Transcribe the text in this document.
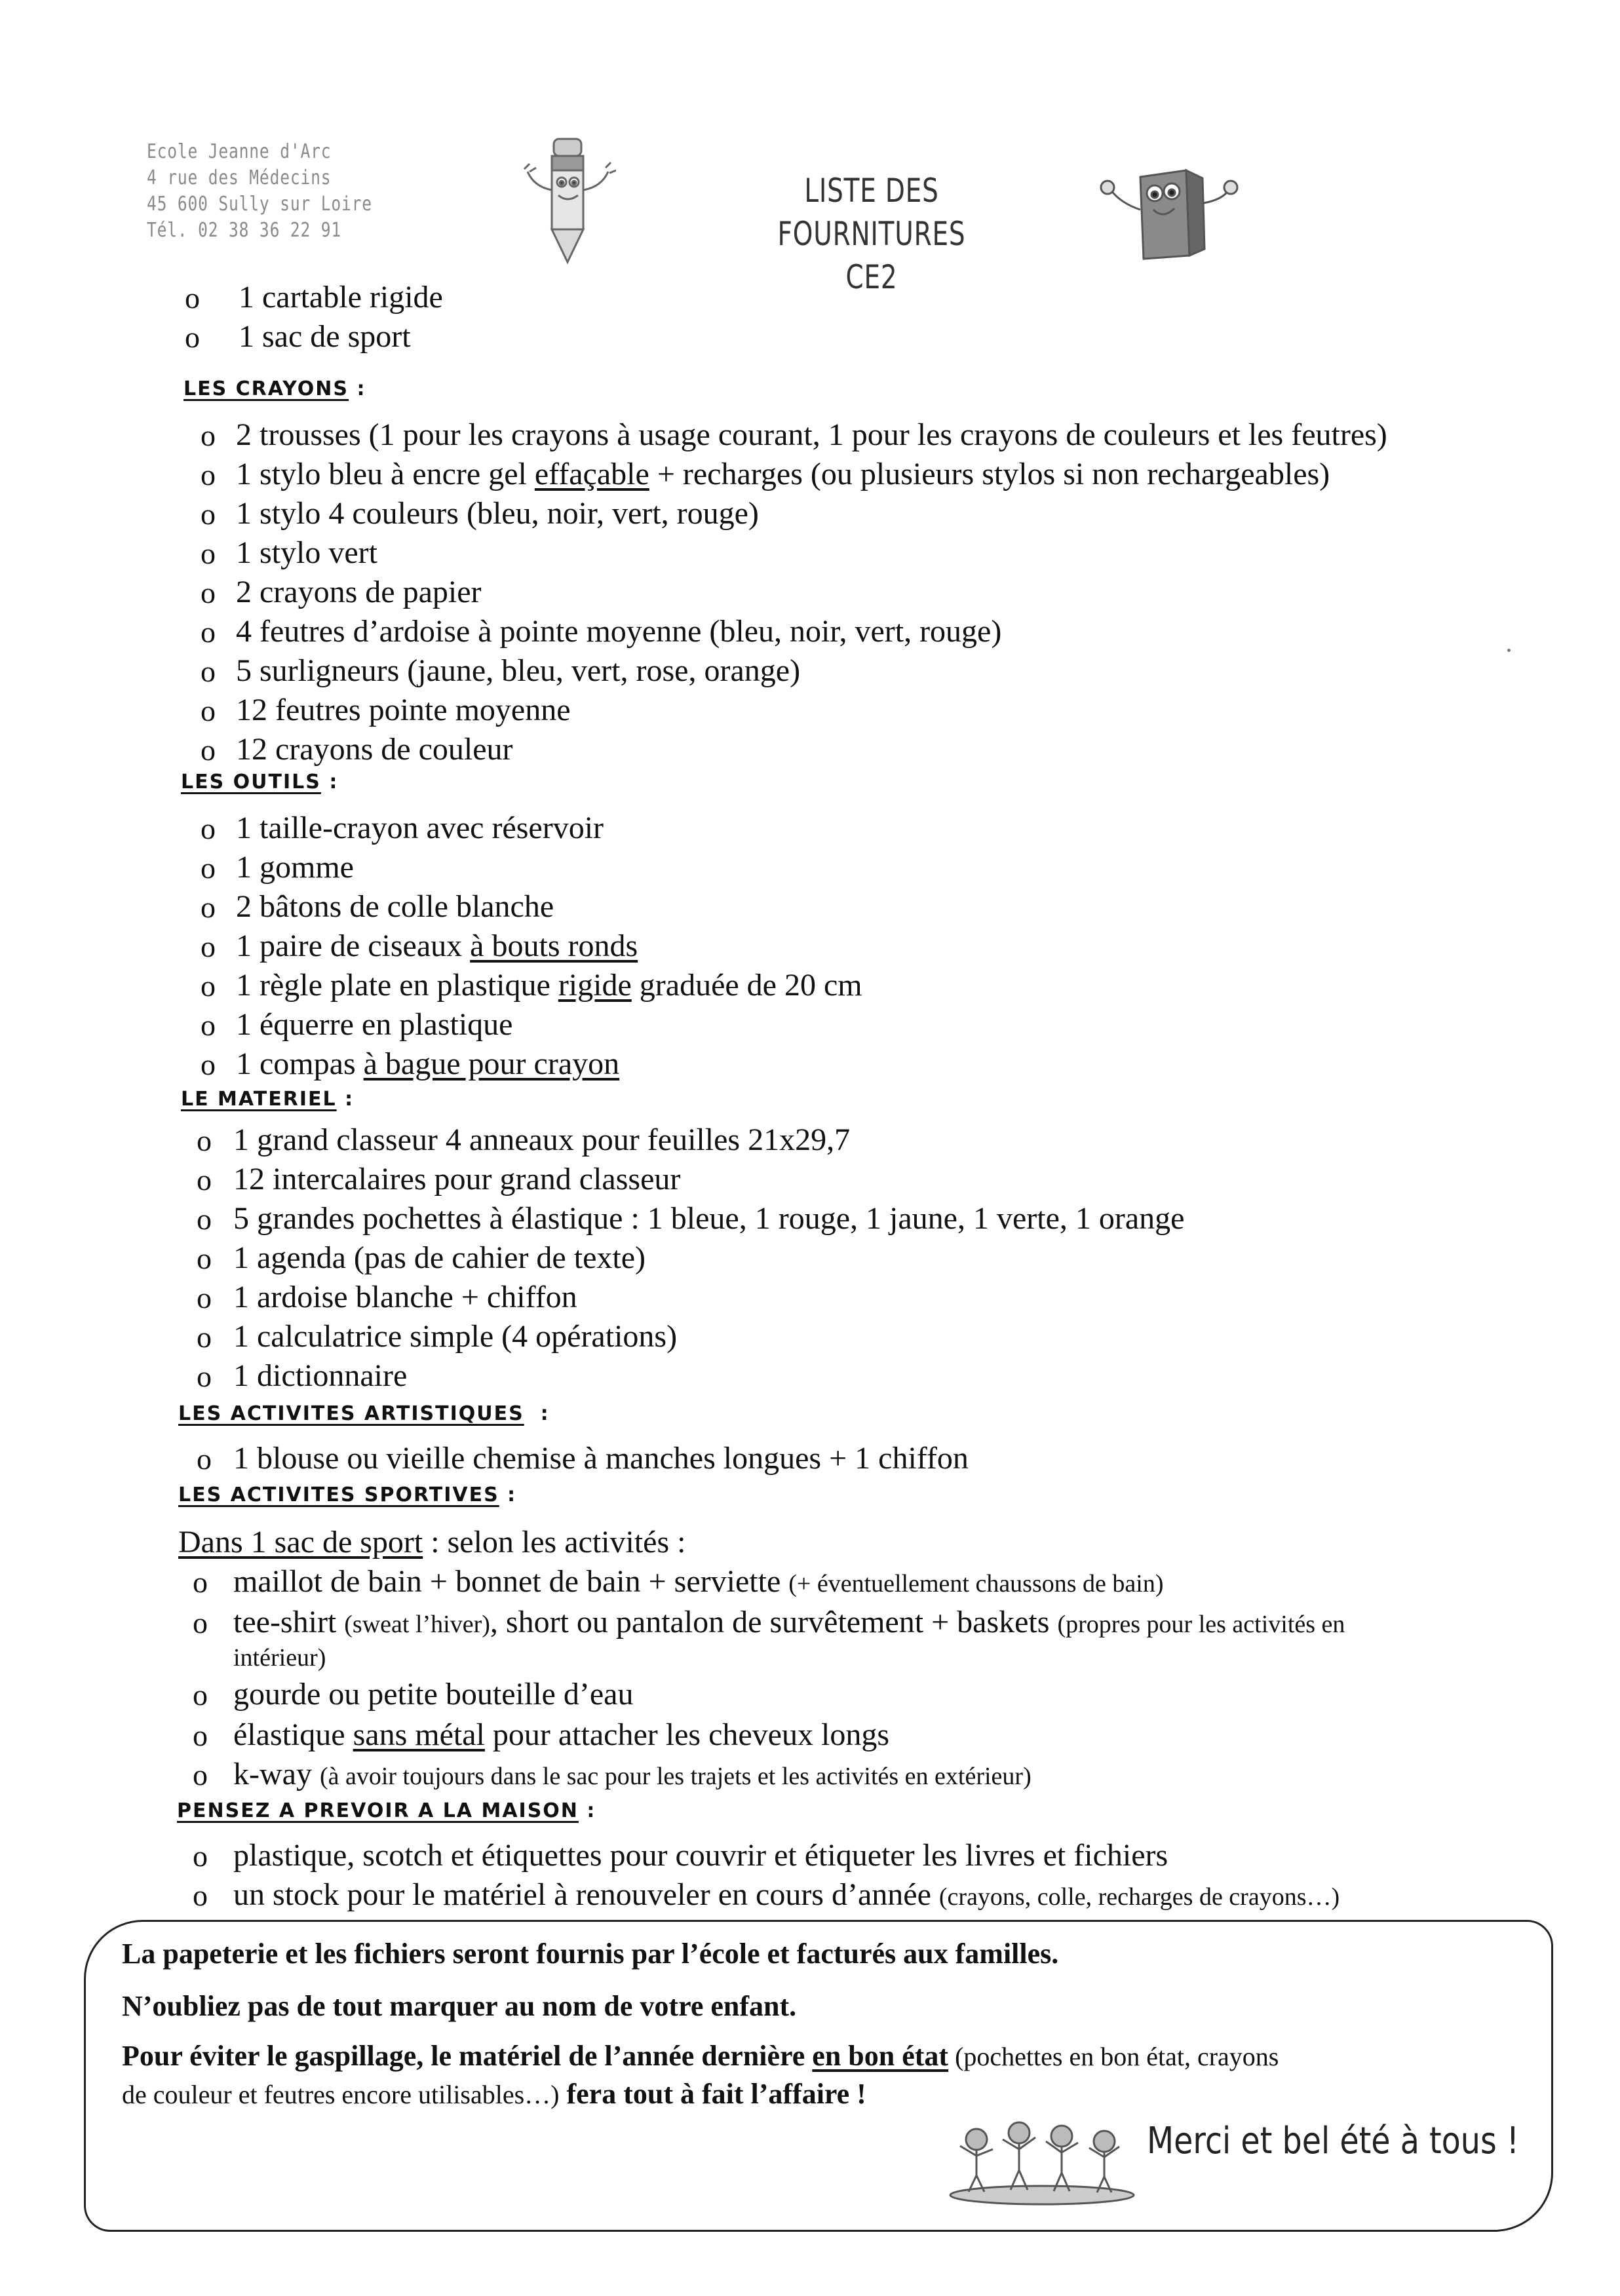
Ecole Jeanne d'Arc
4 rue des Médecins
45 600 Sully sur Loire
Tél. 02 38 36 22 91
LISTE DES FOURNITURES
CE2
o 1 cartable rigide
o 1 sac de sport
LES CRAYONS :
o 2 trousses (1 pour les crayons à usage courant, 1 pour les crayons de couleurs et les feutres)
o 1 stylo bleu à encre gel effaçable + recharges (ou plusieurs stylos si non rechargeables)
o 1 stylo 4 couleurs (bleu, noir, vert, rouge)
o 1 stylo vert
o 2 crayons de papier
o 4 feutres d’ardoise à pointe moyenne (bleu, noir, vert, rouge)
o 5 surligneurs (jaune, bleu, vert, rose, orange)
o 12 feutres pointe moyenne
o 12 crayons de couleur
LES OUTILS :
o 1 taille-crayon avec réservoir
o 1 gomme
o 2 bâtons de colle blanche
o 1 paire de ciseaux à bouts ronds
o 1 règle plate en plastique rigide graduée de 20 cm
o 1 équerre en plastique
o 1 compas à bague pour crayon
LE MATERIEL :
o 1 grand classeur 4 anneaux pour feuilles 21x29,7
o 12 intercalaires pour grand classeur
o 5 grandes pochettes à élastique : 1 bleue, 1 rouge, 1 jaune, 1 verte, 1 orange
o 1 agenda (pas de cahier de texte)
o 1 ardoise blanche + chiffon
o 1 calculatrice simple (4 opérations)
o 1 dictionnaire
LES ACTIVITES ARTISTIQUES :
o 1 blouse ou vieille chemise à manches longues + 1 chiffon
LES ACTIVITES SPORTIVES :
Dans 1 sac de sport : selon les activités :
o maillot de bain + bonnet de bain + serviette (+ éventuellement chaussons de bain)
o tee-shirt (sweat l’hiver), short ou pantalon de survêtement + baskets (propres pour les activités en
intérieur)
o gourde ou petite bouteille d’eau
o élastique sans métal pour attacher les cheveux longs
o k-way (à avoir toujours dans le sac pour les trajets et les activités en extérieur)
PENSEZ A PREVOIR A LA MAISON :
o plastique, scotch et étiquettes pour couvrir et étiqueter les livres et fichiers
o un stock pour le matériel à renouveler en cours d’année (crayons, colle, recharges de crayons…)
La papeterie et les fichiers seront fournis par l’école et facturés aux familles.
N’oubliez pas de tout marquer au nom de votre enfant.
Pour éviter le gaspillage, le matériel de l’année dernière en bon état (pochettes en bon état, crayons
de couleur et feutres encore utilisables…) fera tout à fait l’affaire !
Merci et bel été à tous !
